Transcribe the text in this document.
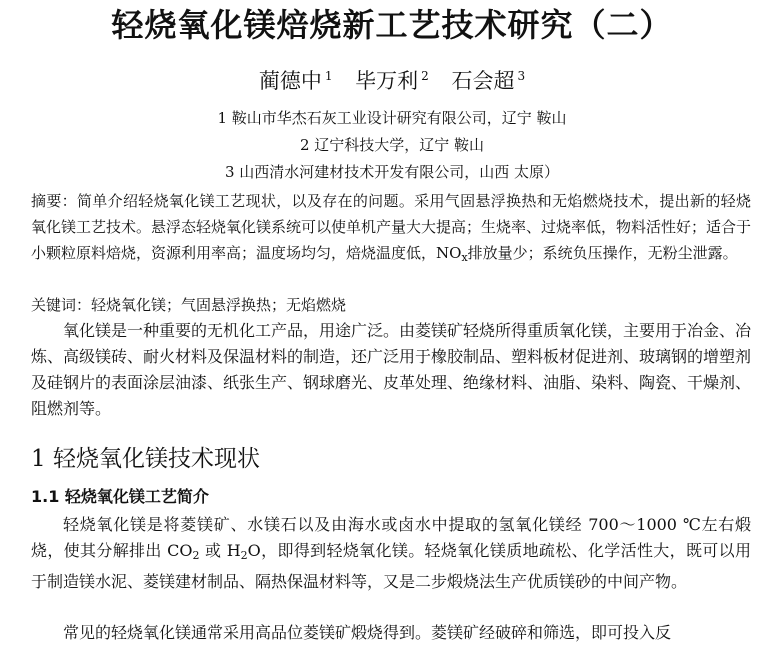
轻烧氧化镁焙烧新工艺技术研究（二）
蔺德中 $^1$ 毕万利 $^2$ 石会超 $^3$
1 鞍山市华杰石灰工业设计研究有限公司，辽宁 鞍山
2 辽宁科技大学，辽宁 鞍山
3 山西清水河建材技术开发有限公司，山西 太原）
摘要：简单介绍轻烧氧化镁工艺现状，以及存在的问题。采用气固悬浮换热和无焰燃烧技术，提出新的轻烧氧化镁工艺技术。悬浮态轻烧氧化镁系统可以使单机产量大大提高；生烧率、过烧率低，物料活性好；适合于小颗粒原料焙烧，资源利用率高；温度场均匀，焙烧温度低，$NO_x$排放量少；系统负压操作，无粉尘泄露。
关键词：轻烧氧化镁；气固悬浮换热；无焰燃烧
氧化镁是一种重要的无机化工产品，用途广泛。由菱镁矿轻烧所得重质氧化镁，主要用于冶金、冶炼、高级镁砖、耐火材料及保温材料的制造，还广泛用于橡胶制品、塑料板材促进剂、玻璃钢的增塑剂及硅钢片的表面涂层油漆、纸张生产、钢球磨光、皮革处理、绝缘材料、油脂、染料、陶瓷、干燥剂、阻燃剂等。
1 轻烧氧化镁技术现状
1.1 轻烧氧化镁工艺简介
轻烧氧化镁是将菱镁矿、水镁石以及由海水或卤水中提取的氢氧化镁经 700～1000 ℃左右煅烧，使其分解排出 $CO_2$ 或 $H_2O$，即得到轻烧氧化镁。轻烧氧化镁质地疏松、化学活性大，既可以用于制造镁水泥、菱镁建材制品、隔热保温材料等，又是二步煅烧法生产优质镁砂的中间产物。
常见的轻烧氧化镁通常采用高品位菱镁矿煅烧得到。菱镁矿经破碎和筛选，即可投入反
